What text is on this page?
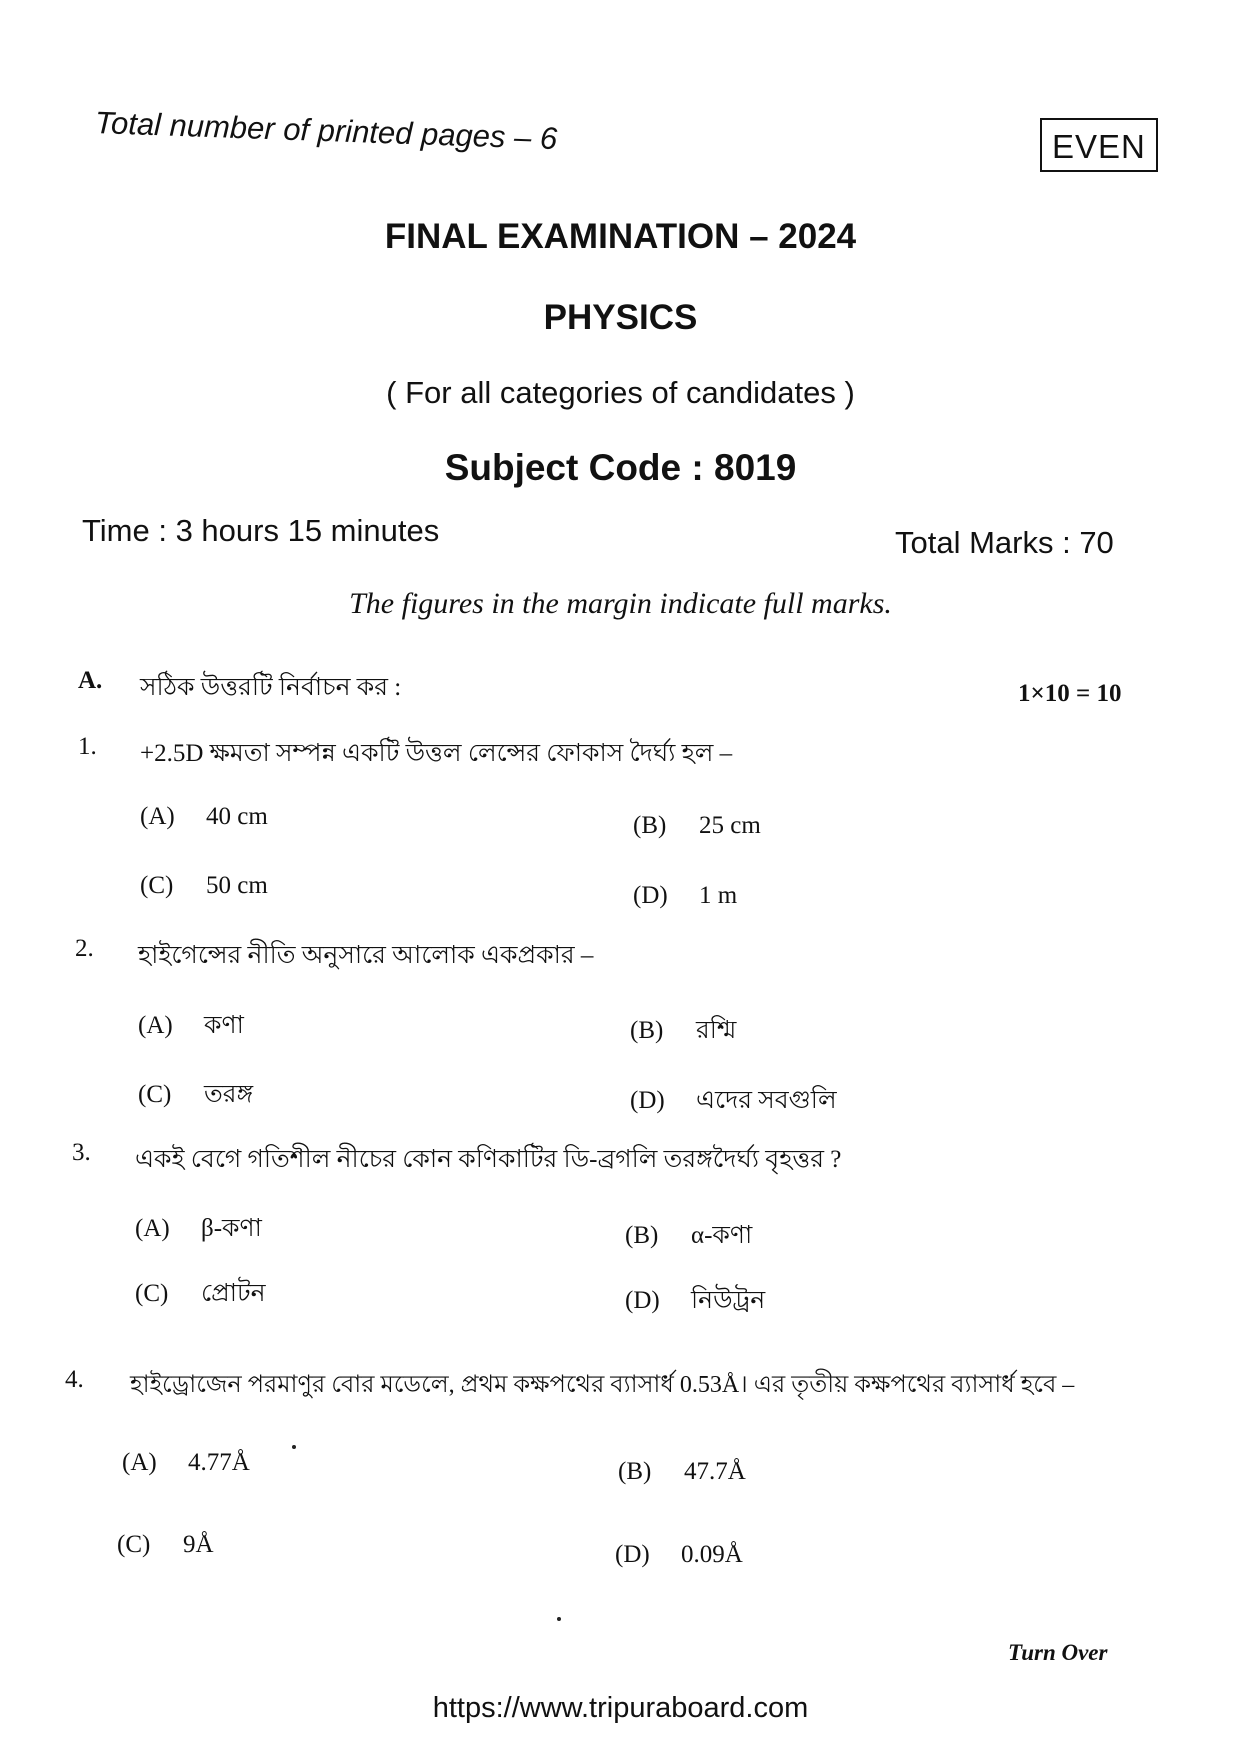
Total number of printed pages – 6	EVEN
FINAL EXAMINATION – 2024
PHYSICS
( For all categories of candidates )
Subject Code : 8019
Time : 3 hours 15 minutes	Total Marks : 70
The figures in the margin indicate full marks.
A. সঠিক উত্তরটি নির্বাচন কর :	1×10 = 10
1. +2.5D ক্ষমতা সম্পন্ন একটি উত্তল লেন্সের ফোকাস দৈর্ঘ্য হল –
(A) 40 cm	(B) 25 cm
(C) 50 cm	(D) 1 m
2. হাইগেন্সের নীতি অনুসারে আলোক একপ্রকার –
(A) কণা	(B) রশ্মি
(C) তরঙ্গ	(D) এদের সবগুলি
3. একই বেগে গতিশীল নীচের কোন কণিকাটির ডি-ব্রগলি তরঙ্গদৈর্ঘ্য বৃহত্তর ?
(A) β-কণা	(B) α-কণা
(C) প্রোটন	(D) নিউট্রন
4. হাইড্রোজেন পরমাণুর বোর মডেলে, প্রথম কক্ষপথের ব্যাসার্ধ 0.53Å। এর তৃতীয় কক্ষপথের ব্যাসার্ধ হবে –
(A) 4.77Å	(B) 47.7Å
(C) 9Å	(D) 0.09Å
Turn Over
https://www.tripuraboard.com
